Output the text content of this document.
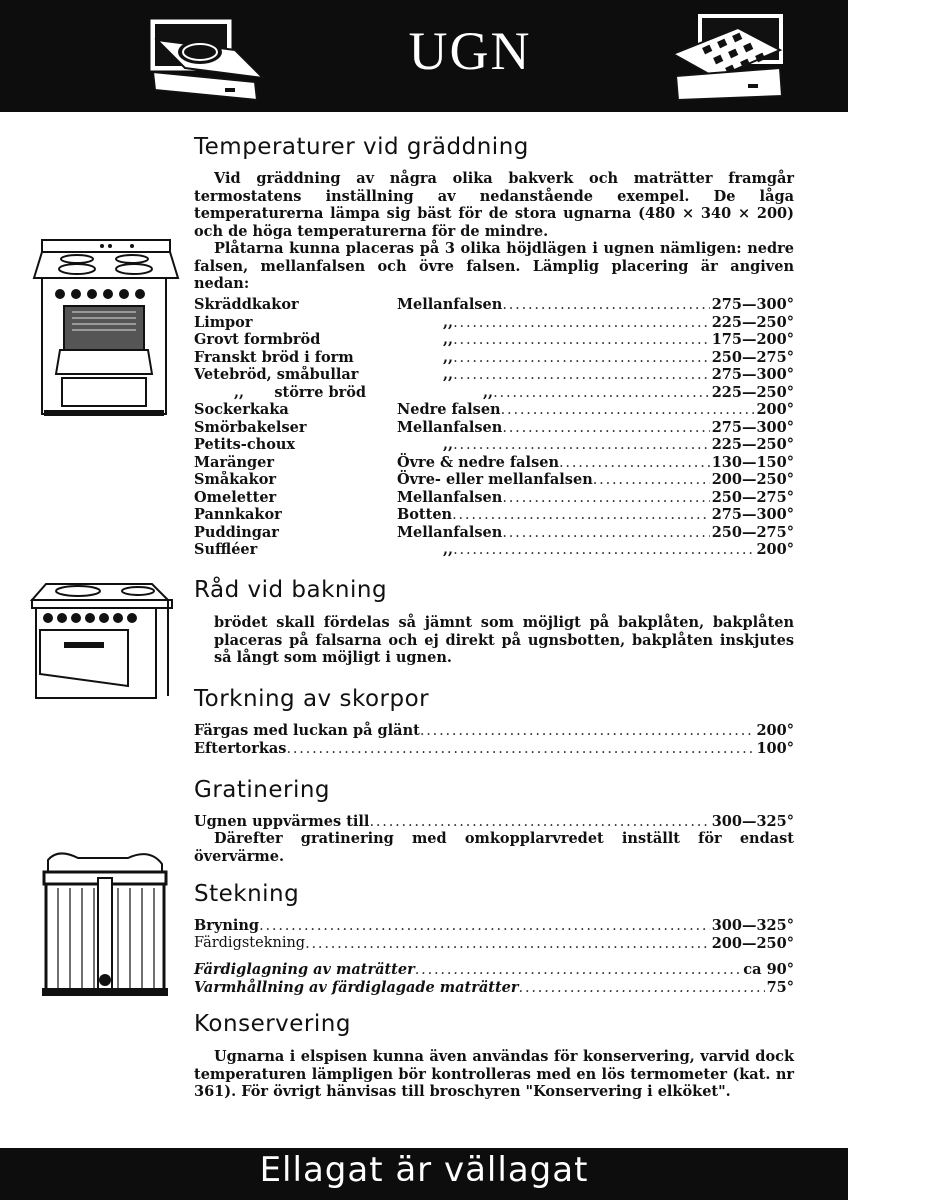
UGN
Temperaturer vid gräddning

Vid gräddning av några olika bakverk och maträtter framgår termostatens inställning av nedanstående exempel. De låga temperaturerna lämpa sig bäst för de stora ugnarna (480 × 340 × 200) och de höga temperaturerna för de mindre.

Plåtarna kunna placeras på 3 olika höjdlägen i ugnen nämligen: nedre falsen, mellanfalsen och övre falsen. Lämplig placering är angiven nedan:

Skräddkakor	Mellanfalsen . . .	275—300°
Limpor	,, . . .	225—250°
Grovt formbröd	,, . . .	175—200°
Franskt bröd i form	,, . . .	250—275°
Vetebröd, småbullar	,, . . .	275—300°
,,      större bröd	,, . . .	225—250°
Sockerkaka	Nedre falsen . . .	200°
Smörbakelser	Mellanfalsen . . .	275—300°
Petits-choux	,, . . .	225—250°
Maränger	Övre & nedre falsen . . .	130—150°
Småkakor	Övre- eller mellanfalsen . . .	200—250°
Omeletter	Mellanfalsen . . .	250—275°
Pannkakor	Botten . . .	275—300°
Puddingar	Mellanfalsen . . .	250—275°
Suffléer	,, . . .	200°
Råd vid bakning

brödet skall fördelas så jämnt som möjligt på bakplåten, bakplåten placeras på falsarna och ej direkt på ugnsbotten, bakplåten inskjutes så långt som möjligt i ugnen.

Torkning av skorpor
Färgas med luckan på glänt . . .	200°
Eftertorkas . . .	100°
Gratinering
Ugnen uppvärmes till . . .	300—325°

Därefter gratinering med omkopplarvredet inställt för endast övervärme.

Stekning
Bryning . . .	300—325°
Färdigstekning . . .	200—250°
Färdiglagning av maträtter . . .	ca 90°
Varmhållning av färdiglagade maträtter . . .	75°
Konservering

Ugnarna i elspisen kunna även användas för konservering, varvid dock temperaturen lämpligen bör kontrolleras med en lös termometer (kat. nr 361). För övrigt hänvisas till broschyren "Konservering i elköket".

Ellagat är vällagat
